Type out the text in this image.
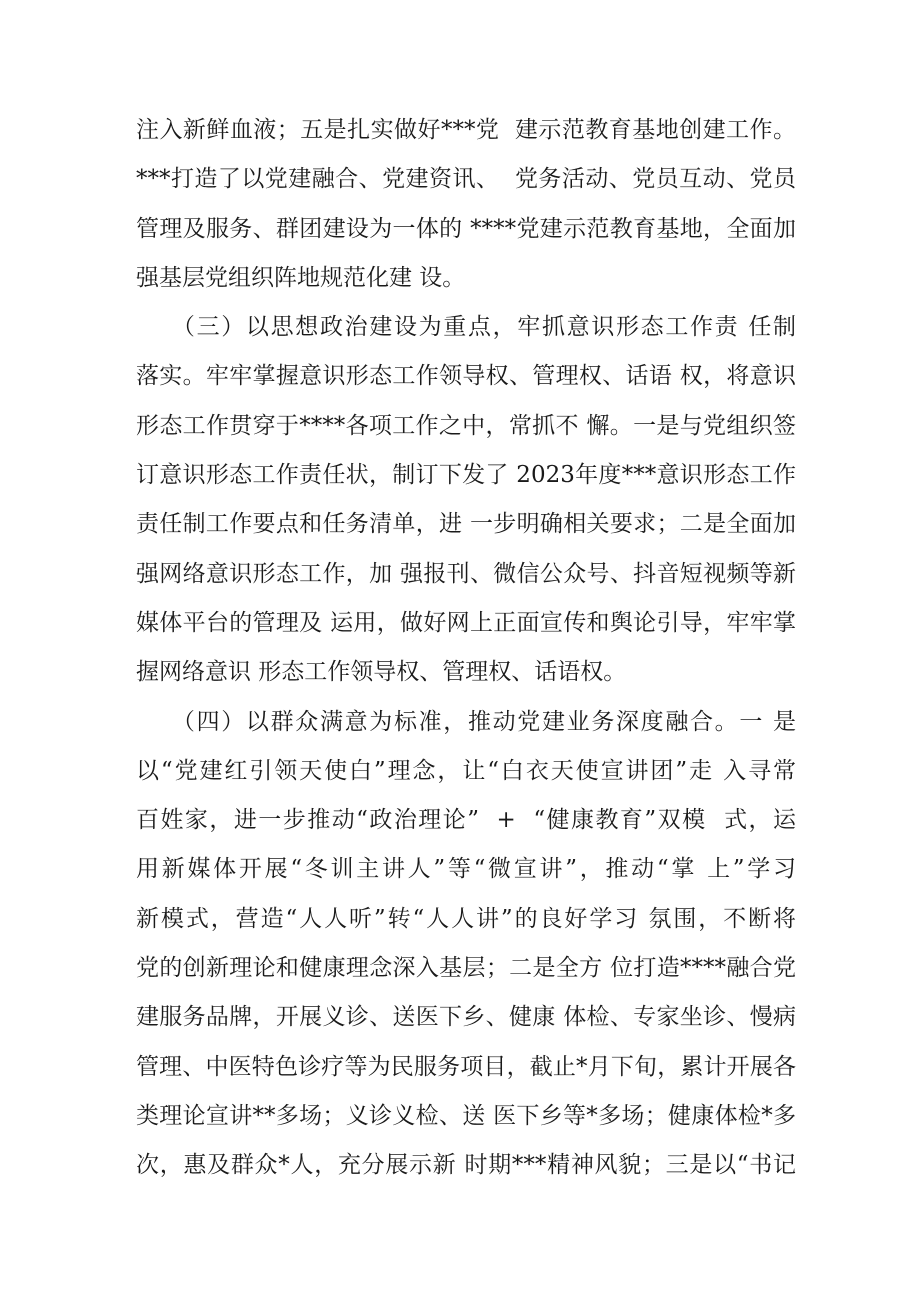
注入新鲜血液；五是扎实做好***党  建示范教育基地创建工作。
***打造了以党建融合、党建资讯、  党务活动、党员互动、党员
管理及服务、群团建设为一体的 ****党建示范教育基地，全面加
强基层党组织阵地规范化建 设。
（三）以思想政治建设为重点，牢抓意识形态工作责 任制
落实。牢牢掌握意识形态工作领导权、管理权、话语 权，将意识
形态工作贯穿于****各项工作之中，常抓不 懈。一是与党组织签
订意识形态工作责任状，制订下发了 2023年度***意识形态工作
责任制工作要点和任务清单，进 一步明确相关要求；二是全面加
强网络意识形态工作，加 强报刊、微信公众号、抖音短视频等新
媒体平台的管理及 运用，做好网上正面宣传和舆论引导，牢牢掌
握网络意识 形态工作领导权、管理权、话语权。
（四）以群众满意为标准，推动党建业务深度融合。一 是
以“党建红引领天使白”理念，让“白衣天使宣讲团”走 入寻常
百姓家，进一步推动“政治理论”  +  “健康教育”双模  式，运
用新媒体开展“冬训主讲人”等“微宣讲”，推动“掌 上”学习
新模式，营造“人人听”转“人人讲”的良好学习 氛围，不断将
党的创新理论和健康理念深入基层；二是全方 位打造****融合党
建服务品牌，开展义诊、送医下乡、健康 体检、专家坐诊、慢病
管理、中医特色诊疗等为民服务项目，截止*月下旬，累计开展各
类理论宣讲**多场；义诊义检、送 医下乡等*多场；健康体检*多
次，惠及群众*人，充分展示新 时期***精神风貌；三是以“书记
